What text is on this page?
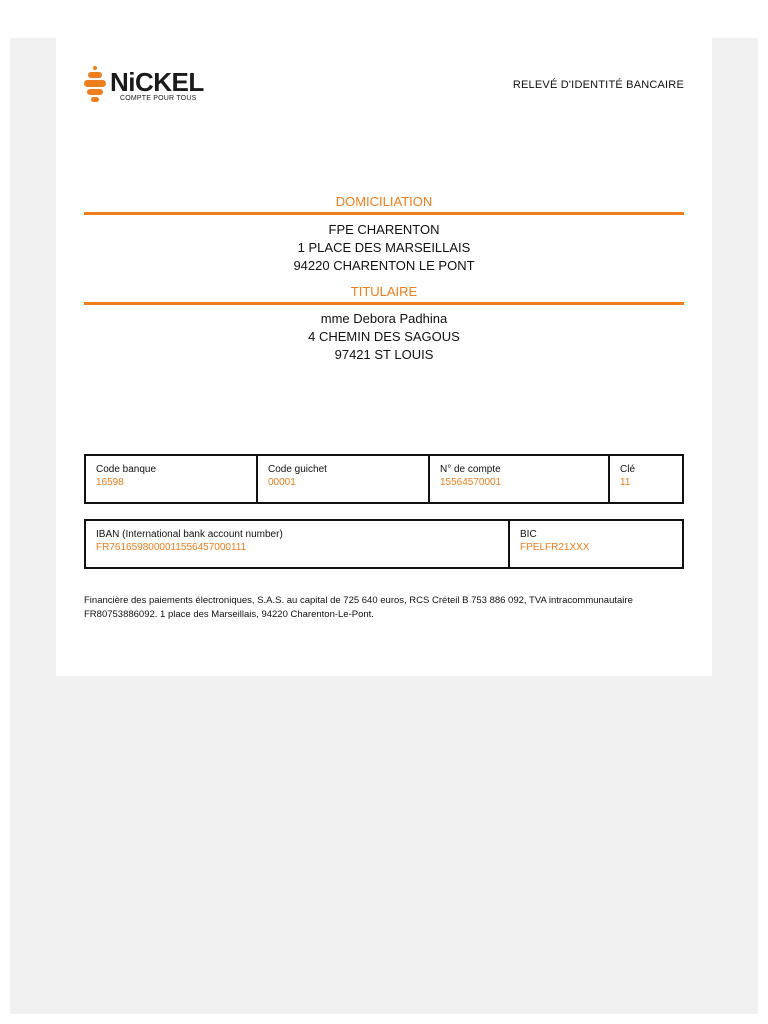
NiCKEL
COMPTE POUR TOUS
RELEVÉ D'IDENTITÉ BANCAIRE
DOMICILIATION
FPE CHARENTON
1 PLACE DES MARSEILLAIS
94220 CHARENTON LE PONT
TITULAIRE
mme Debora Padhina
4 CHEMIN DES SAGOUS
97421 ST LOUIS
Code banque
16598

Code guichet
00001

N° de compte
15564570001

Clé
11
IBAN (International bank account number)
FR7616598000011556457000111

BIC
FPELFR21XXX
Financière des paiements électroniques, S.A.S. au capital de 725 640 euros, RCS Créteil B 753 886 092, TVA intracommunautaire FR80753886092. 1 place des Marseillais, 94220 Charenton-Le-Pont.
